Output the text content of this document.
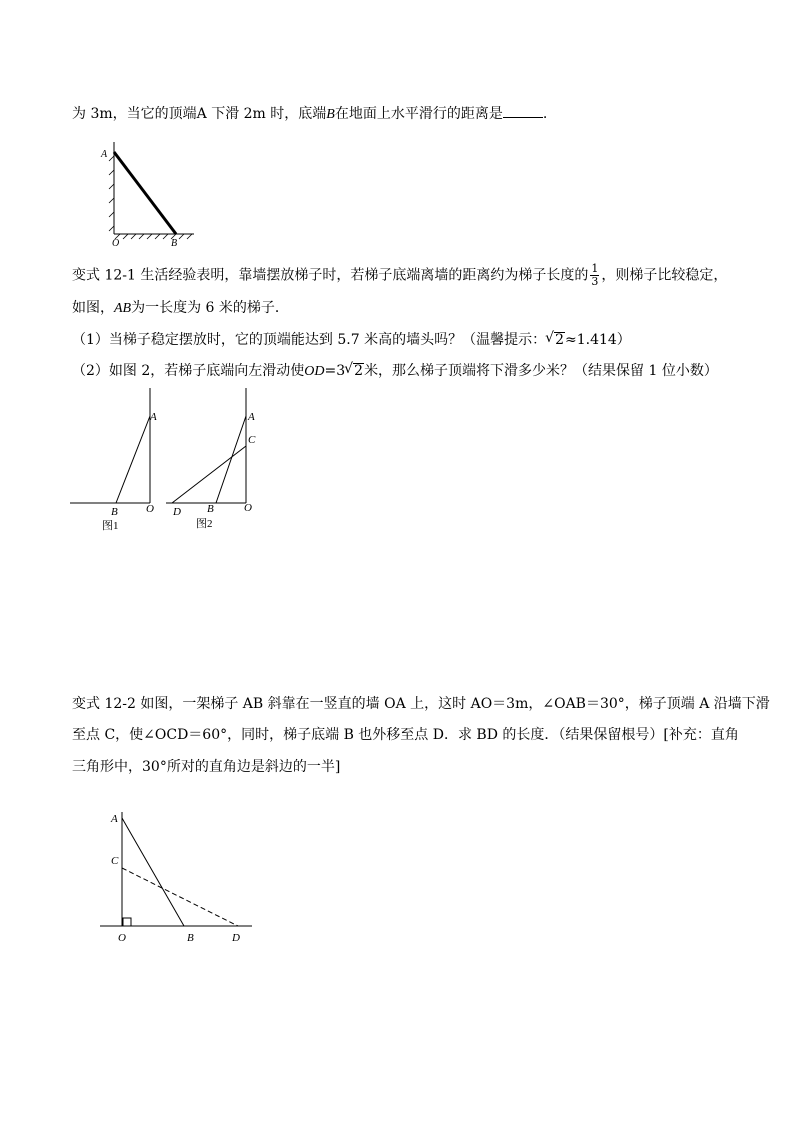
为 3m，当它的顶端A 下滑 2m 时，底端B在地面上水平滑行的距离是	.
A
O	B
变式 12-1 生活经验表明，靠墙摆放梯子时，若梯子底端离墙的距离约为梯子长度的 $\frac{1}{3}$ ，则梯子比较稳定，
如图，AB为一长度为 6 米的梯子．
（1）当梯子稳定摆放时，它的顶端能达到 5.7 米高的墙头吗？（温馨提示： √ 2≈1.414）
（2）如图 2，若梯子底端向左滑动使OD=3 √ 2米，那么梯子顶端将下滑多少米？（结果保留 1 位小数）
A
B	O
图1
A
C
D B	O
图2
变式 12-2 如图，一架梯子 AB 斜靠在一竖直的墙 OA 上，这时 AO＝3m，∠OAB＝30°，梯子顶端 A 沿墙下滑
至点 C，使∠OCD＝60°，同时，梯子底端 B 也外移至点 D．求 BD 的长度．（结果保留根号）[补充：直角
三角形中，30°所对的直角边是斜边的一半]
A
C
O	B	D
